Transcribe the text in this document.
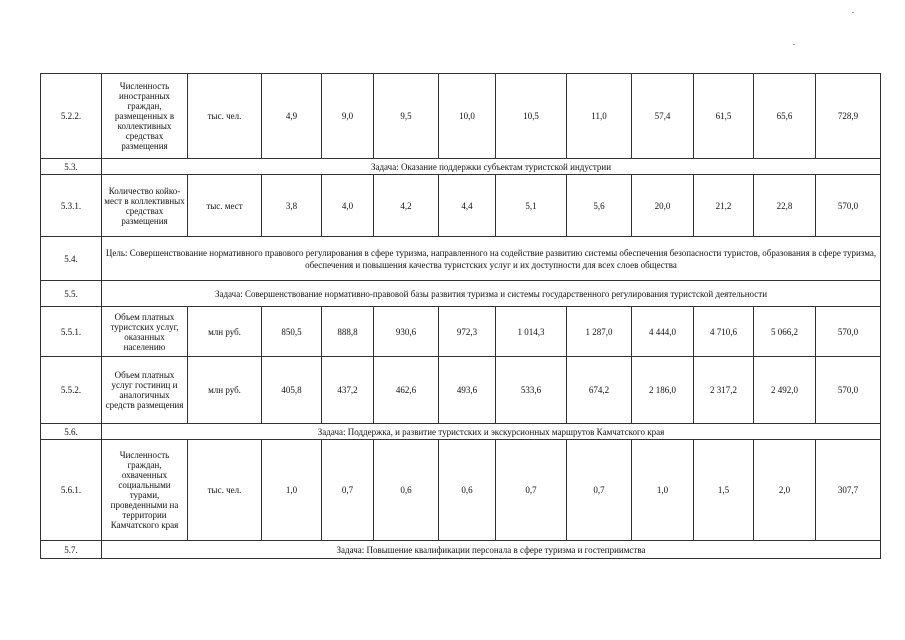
5.2.2.	Численность иностранных граждан, размещенных в коллективных средствах размещения	тыс. чел.	4,9	9,0	9,5	10,0	10,5	11,0	57,4	61,5	65,6	728,9
5.3.	Задача: Оказание поддержки субъектам туристской индустрии											
5.3.1.	Количество койко-мест в коллективных средствах размещения	тыс. мест	3,8	4,0	4,2	4,4	5,1	5,6	20,0	21,2	22,8	570,0
5.4.	Цель: Совершенствование нормативного правового регулирования в сфере туризма, направленного на содействие развитию системы обеспечения безопасности туристов, образования в сфере туризма, обеспечения и повышения качества туристских услуг и их доступности для всех слоев общества											
5.5.	Задача: Совершенствование нормативно-правовой базы развития туризма и системы государственного регулирования туристской деятельности											
5.5.1.	Объем платных туристских услуг, оказанных населению	млн руб.	850,5	888,8	930,6	972,3	1 014,3	1 287,0	4 444,0	4 710,6	5 066,2	570,0
5.5.2.	Объем платных услуг гостиниц и аналогичных средств размещения	млн руб.	405,8	437,2	462,6	493,6	533,6	674,2	2 186,0	2 317,2	2 492,0	570,0
5.6.	Задача: Поддержка, и развитие туристских и экскурсионных маршрутов Камчатского края											
5.6.1.	Численность граждан, охваченных социальными турами, проведенными на территории Камчатского края	тыс. чел.	1,0	0,7	0,6	0,6	0,7	0,7	1,0	1,5	2,0	307,7
5.7.	Задача: Повышение квалификации персонала в сфере туризма и гостеприимства											
